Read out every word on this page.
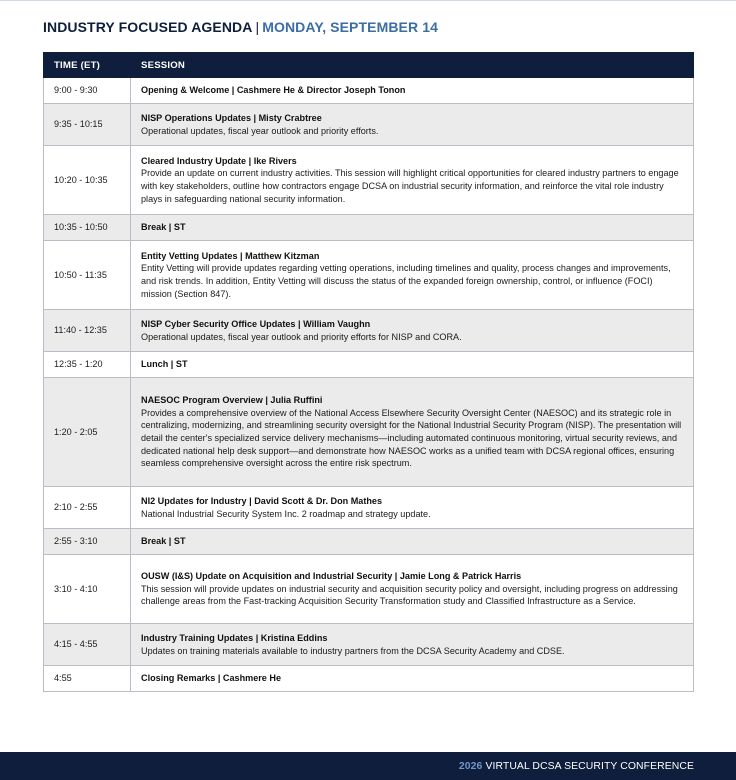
INDUSTRY FOCUSED AGENDA | MONDAY, SEPTEMBER 14
TIME (ET)	SESSION
9:00 - 9:30	Opening & Welcome | Cashmere He & Director Joseph Tonon

9:35 - 10:15	NISP Operations Updates | Misty Crabtree
Operational updates, fiscal year outlook and priority efforts.

10:20 - 10:35	Cleared Industry Update | Ike Rivers
Provide an update on current industry activities. This session will highlight critical opportunities for cleared industry partners to engage with key stakeholders, outline how contractors engage DCSA on industrial security information, and reinforce the vital role industry plays in safeguarding national security information.

10:35 - 10:50	Break | ST

10:50 - 11:35	Entity Vetting Updates | Matthew Kitzman
Entity Vetting will provide updates regarding vetting operations, including timelines and quality, process changes and improvements, and risk trends. In addition, Entity Vetting will discuss the status of the expanded foreign ownership, control, or influence (FOCI) mission (Section 847).

11:40 - 12:35	NISP Cyber Security Office Updates | William Vaughn
Operational updates, fiscal year outlook and priority efforts for NISP and CORA.

12:35 - 1:20	Lunch | ST

1:20 - 2:05	NAESOC Program Overview | Julia Ruffini
Provides a comprehensive overview of the National Access Elsewhere Security Oversight Center (NAESOC) and its strategic role in centralizing, modernizing, and streamlining security oversight for the National Industrial Security Program (NISP). The presentation will detail the center's specialized service delivery mechanisms—including automated continuous monitoring, virtual security reviews, and dedicated national help desk support—and demonstrate how NAESOC works as a unified team with DCSA regional offices, ensuring seamless comprehensive oversight across the entire risk spectrum.

2:10 - 2:55	NI2 Updates for Industry | David Scott & Dr. Don Mathes
National Industrial Security System Inc. 2 roadmap and strategy update.

2:55 - 3:10	Break | ST

3:10 - 4:10	OUSW (I&S) Update on Acquisition and Industrial Security | Jamie Long & Patrick Harris
This session will provide updates on industrial security and acquisition security policy and oversight, including progress on addressing challenge areas from the Fast-tracking Acquisition Security Transformation study and Classified Infrastructure as a Service.

4:15 - 4:55	Industry Training Updates | Kristina Eddins
Updates on training materials available to industry partners from the DCSA Security Academy and CDSE.

4:55	Closing Remarks | Cashmere He
2026 VIRTUAL DCSA SECURITY CONFERENCE
